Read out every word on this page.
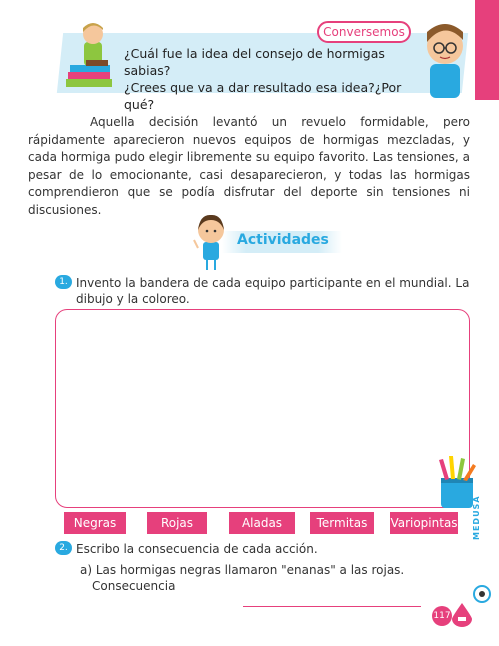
Conversemos
¿Cuál fue la idea del consejo de hormigas sabias?
¿Crees que va a dar resultado esa idea?¿Por qué?

Aquella decisión levantó un revuelo formidable, pero rápidamente aparecieron nuevos equipos de hormigas mezcladas, y cada hormiga pudo elegir libremente su equipo favorito. Las tensiones, a pesar de lo emocionante, casi desaparecieron, y todas las hormigas comprendieron que se podía disfrutar del deporte sin tensiones ni discusiones.

Actividades
1. Invento la bandera de cada equipo participante en el mundial. La dibujo y la coloreo.
Negras	Rojas	Aladas	Termitas	Variopintas
2. Escribo la consecuencia de cada acción.
a) Las hormigas negras llamaron "enanas" a las rojas.
Consecuencia
MEDUSA
117
